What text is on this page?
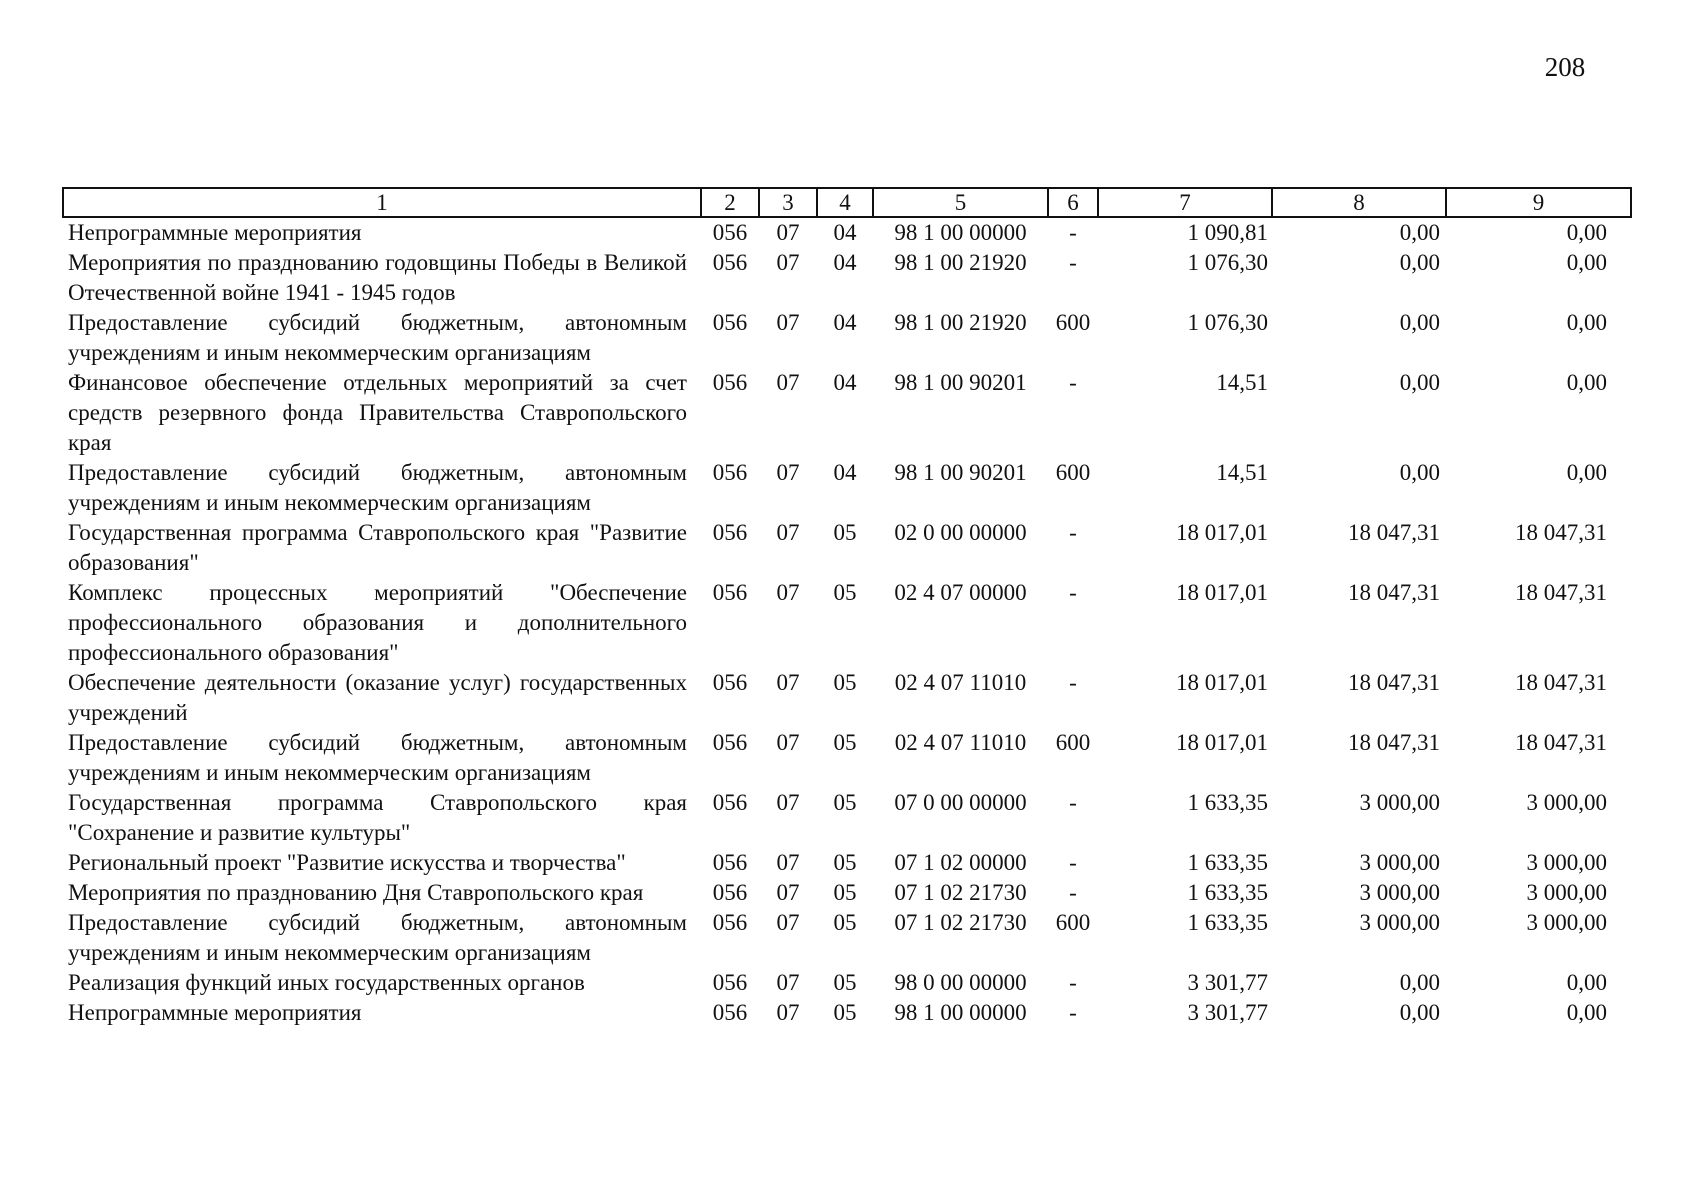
208
1	2	3	4	5	6	7	8	9
Непрограммные мероприятия	056	07	04	98 1 00 00000	-	1 090,81	0,00	0,00
Мероприятия по празднованию годовщины Победы в Великой Отечественной войне 1941 - 1945 годов	056	07	04	98 1 00 21920	-	1 076,30	0,00	0,00
Предоставление субсидий бюджетным, автономным учреждениям и иным некоммерческим организациям	056	07	04	98 1 00 21920	600	1 076,30	0,00	0,00
Финансовое обеспечение отдельных мероприятий за счет средств резервного фонда Правительства Ставропольского края	056	07	04	98 1 00 90201	-	14,51	0,00	0,00
Предоставление субсидий бюджетным, автономным учреждениям и иным некоммерческим организациям	056	07	04	98 1 00 90201	600	14,51	0,00	0,00
Государственная программа Ставропольского края "Развитие образования"	056	07	05	02 0 00 00000	-	18 017,01	18 047,31	18 047,31
Комплекс процессных мероприятий "Обеспечение профессионального образования и дополнительного профессионального образования"	056	07	05	02 4 07 00000	-	18 017,01	18 047,31	18 047,31
Обеспечение деятельности (оказание услуг) государственных учреждений	056	07	05	02 4 07 11010	-	18 017,01	18 047,31	18 047,31
Предоставление субсидий бюджетным, автономным учреждениям и иным некоммерческим организациям	056	07	05	02 4 07 11010	600	18 017,01	18 047,31	18 047,31
Государственная программа Ставропольского края "Сохранение и развитие культуры"	056	07	05	07 0 00 00000	-	1 633,35	3 000,00	3 000,00
Региональный проект "Развитие искусства и творчества"	056	07	05	07 1 02 00000	-	1 633,35	3 000,00	3 000,00
Мероприятия по празднованию Дня Ставропольского края	056	07	05	07 1 02 21730	-	1 633,35	3 000,00	3 000,00
Предоставление субсидий бюджетным, автономным учреждениям и иным некоммерческим организациям	056	07	05	07 1 02 21730	600	1 633,35	3 000,00	3 000,00
Реализация функций иных государственных органов	056	07	05	98 0 00 00000	-	3 301,77	0,00	0,00
Непрограммные мероприятия	056	07	05	98 1 00 00000	-	3 301,77	0,00	0,00
